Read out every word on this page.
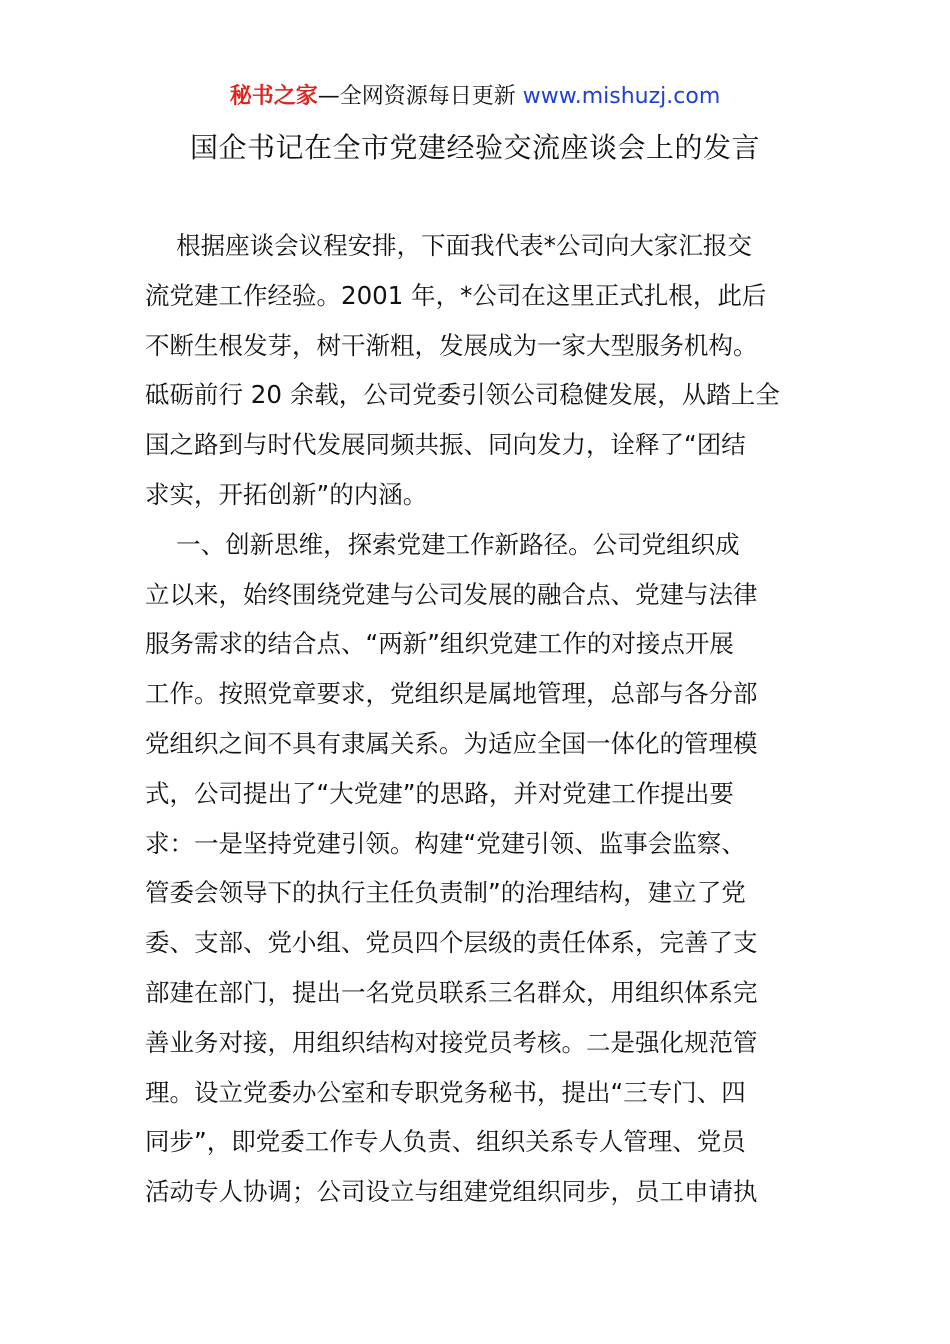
秘书之家—全网资源每日更新 www.mishuzj.com
国企书记在全市党建经验交流座谈会上的发言
根据座谈会议程安排，下面我代表*公司向大家汇报交
流党建工作经验。2001 年，*公司在这里正式扎根，此后
不断生根发芽，树干渐粗，发展成为一家大型服务机构。
砥砺前行 20 余载，公司党委引领公司稳健发展，从踏上全
国之路到与时代发展同频共振、同向发力，诠释了“团结
求实，开拓创新”的内涵。
一、创新思维，探索党建工作新路径。公司党组织成
立以来，始终围绕党建与公司发展的融合点、党建与法律
服务需求的结合点、“两新”组织党建工作的对接点开展
工作。按照党章要求，党组织是属地管理，总部与各分部
党组织之间不具有隶属关系。为适应全国一体化的管理模
式，公司提出了“大党建”的思路，并对党建工作提出要
求：一是坚持党建引领。构建“党建引领、监事会监察、
管委会领导下的执行主任负责制”的治理结构，建立了党
委、支部、党小组、党员四个层级的责任体系，完善了支
部建在部门，提出一名党员联系三名群众，用组织体系完
善业务对接，用组织结构对接党员考核。二是强化规范管
理。设立党委办公室和专职党务秘书，提出“三专门、四
同步”，即党委工作专人负责、组织关系专人管理、党员
活动专人协调；公司设立与组建党组织同步，员工申请执
